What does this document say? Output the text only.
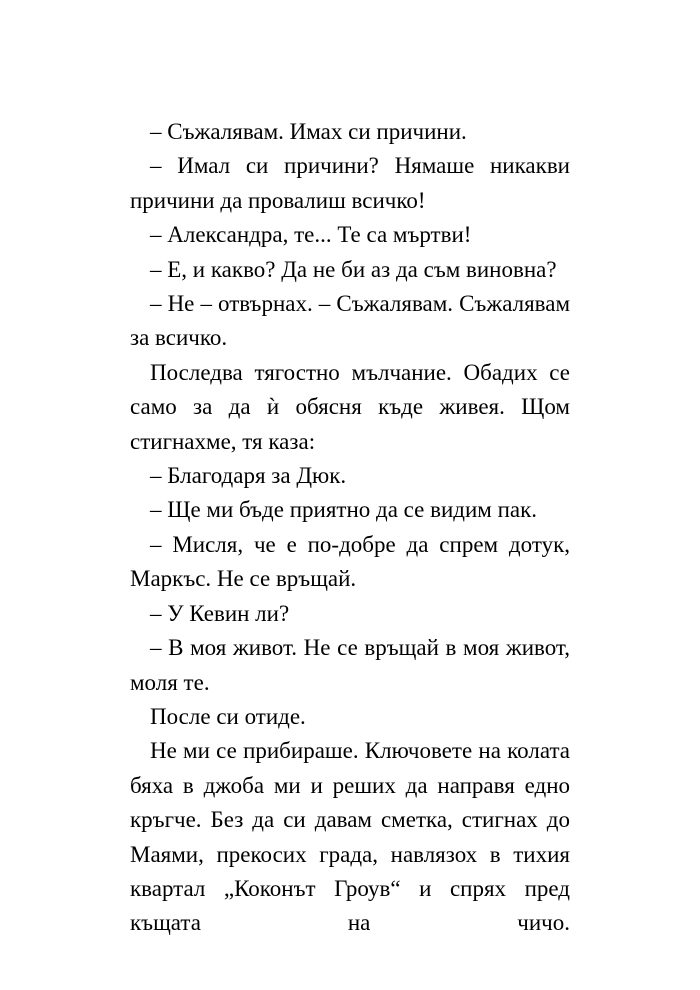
– Съжалявам. Имах си причини.

– Имал си причини? Нямаше никакви причини да провалиш всичко!

– Александра, те... Те са мъртви!

– Е, и какво? Да не би аз да съм виновна?

– Не – отвърнах. – Съжалявам. Съжалявам за всичко.

Последва тягостно мълчание. Обадих се само за да ѝ обясня къде живея. Щом стигнахме, тя каза:

– Благодаря за Дюк.

– Ще ми бъде приятно да се видим пак.

– Мисля, че е по-добре да спрем дотук, Маркъс. Не се връщай.

– У Кевин ли?

– В моя живот. Не се връщай в моя живот, моля те.

После си отиде.

Не ми се прибираше. Ключовете на колата бяха в джоба ми и реших да направя едно кръгче. Без да си давам сметка, стигнах до Маями, прекосих града, навлязох в тихия квартал „Коконът Гроув“ и спрях пред къщата на чичо.
